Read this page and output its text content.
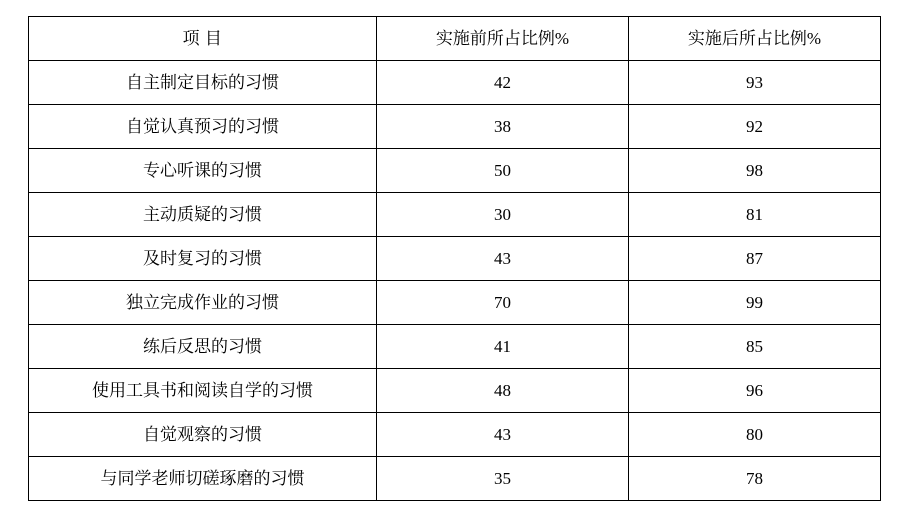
项 目	实施前所占比例%	实施后所占比例%
自主制定目标的习惯	42	93
自觉认真预习的习惯	38	92
专心听课的习惯	50	98
主动质疑的习惯	30	81
及时复习的习惯	43	87
独立完成作业的习惯	70	99
练后反思的习惯	41	85
使用工具书和阅读自学的习惯	48	96
自觉观察的习惯	43	80
与同学老师切磋琢磨的习惯	35	78
